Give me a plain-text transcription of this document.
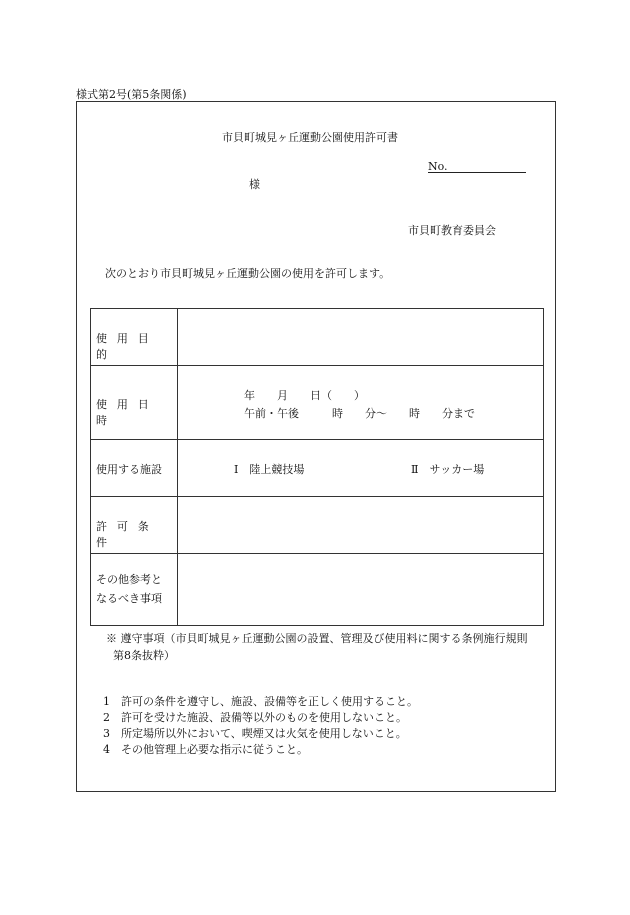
様式第2号(第5条関係)
市貝町城見ヶ丘運動公園使用許可書
No.
様
市貝町教育委員会
次のとおり市貝町城見ヶ丘運動公園の使用を許可します。
使用目的
使用日時
年　　月　　日（　　）
午前・午後　　　時　　分～　　時　　分まで
使用する施設	Ⅰ　陸上競技場	Ⅱ　サッカー場
許可条件
その他参考と
なるべき事項
※ 遵守事項（市貝町城見ヶ丘運動公園の設置、管理及び使用料に関する条例施行規則
第8条抜粋）
1　許可の条件を遵守し、施設、設備等を正しく使用すること。
2　許可を受けた施設、設備等以外のものを使用しないこと。
3　所定場所以外において、喫煙又は火気を使用しないこと。
4　その他管理上必要な指示に従うこと。
